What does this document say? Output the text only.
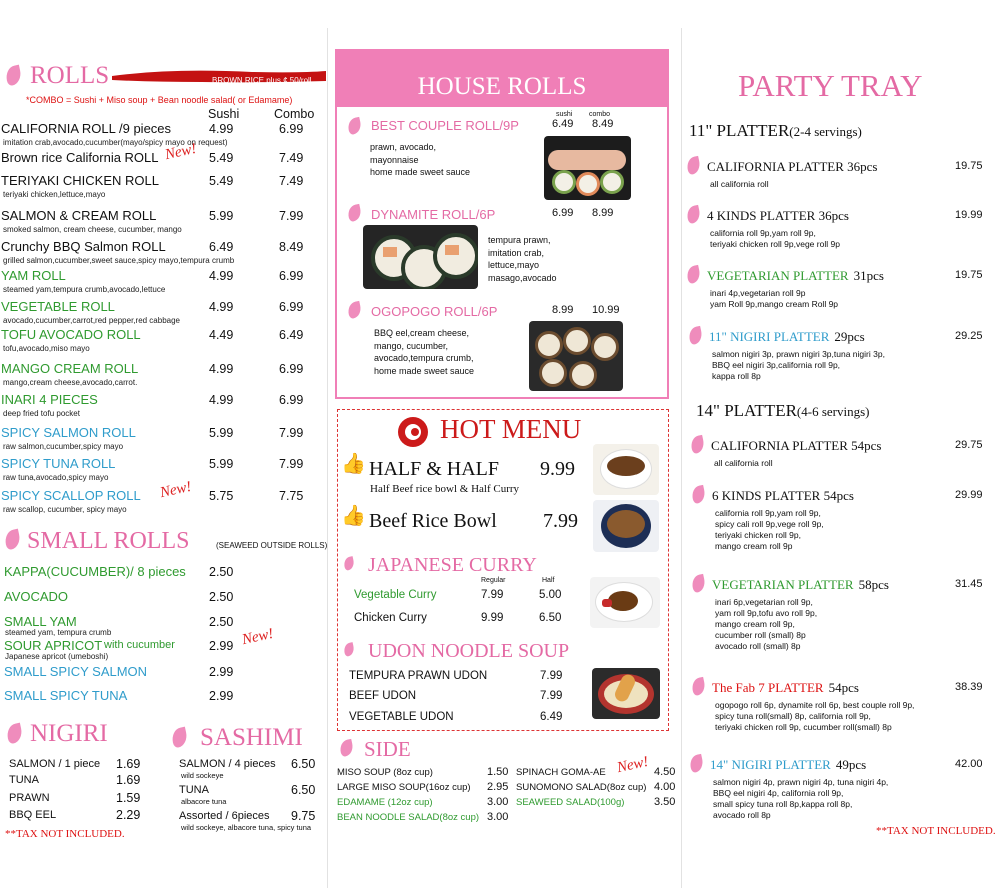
ROLLS	BROWN RICE plus ¢.50/roll
*COMBO = Sushi + Miso soup + Bean noodle salad( or Edamame)
Sushi	Combo
CALIFORNIA ROLL /9 pieces	4.99	6.99
imitation crab,avocado,cucumber(mayo/spicy mayo on request)
Brown rice California ROLL	5.49	7.49
New!
TERIYAKI CHICKEN ROLL	5.49	7.49
teriyaki chicken,lettuce,mayo
SALMON & CREAM ROLL	5.99	7.99
smoked salmon, cream cheese, cucumber, mango
Crunchy BBQ Salmon ROLL	6.49	8.49
grilled salmon,cucumber,sweet sauce,spicy mayo,tempura crumb
YAM ROLL	4.99	6.99
steamed yam,tempura crumb,avocado,lettuce
VEGETABLE ROLL	4.99	6.99
avocado,cucumber,carrot,red pepper,red cabbage
TOFU AVOCADO ROLL	4.49	6.49
tofu,avocado,miso mayo
MANGO CREAM ROLL	4.99	6.99
mango,cream cheese,avocado,carrot.
INARI 4 PIECES	4.99	6.99
deep fried tofu pocket
SPICY SALMON ROLL	5.99	7.99
raw salmon,cucumber,spicy mayo
SPICY TUNA ROLL	5.99	7.99
raw tuna,avocado,spicy mayo
SPICY SCALLOP ROLL	5.75	7.75
raw scallop, cucumber, spicy mayo
New!
SMALL ROLLS	(SEAWEED OUTSIDE ROLLS)
KAPPA(CUCUMBER)/ 8 pieces 2.50
AVOCADO	2.50
SMALL YAM	2.50
steamed yam, tempura crumb
SOUR APRICOT with cucumber	2.99
Japanese apricot (umeboshi)
New!
SMALL SPICY SALMON	2.99
SMALL SPICY TUNA	2.99
NIGIRI
SALMON / 1 piece 1.69
TUNA	1.69
PRAWN	1.59
BBQ EEL	2.29
**TAX NOT INCLUDED.
SASHIMI
SALMON / 4 pieces 6.50
wild sockeye
TUNA	6.50
albacore tuna
Assorted / 6pieces 9.75
wild sockeye, albacore tuna, spicy tuna
HOUSE ROLLS
sushi combo
BEST COUPLE ROLL/9P	6.49 8.49
prawn, avocado,
mayonnaise
home made sweet sauce
DYNAMITE ROLL/6P	6.99 8.99
tempura prawn,
imitation crab,
lettuce,mayo
masago,avocado
OGOPOGO ROLL/6P	8.99 10.99
BBQ eel,cream cheese,
mango, cucumber,
avocado,tempura crumb,
home made sweet sauce
HOT MENU
👍 HALF & HALF 9.99
Half Beef rice bowl & Half Curry
👍 Beef Rice Bowl 7.99
JAPANESE CURRY
Regular	Half
Vegetable Curry	7.99	5.00
Chicken Curry	9.99	6.50
UDON NOODLE SOUP
TEMPURA PRAWN UDON	7.99
BEEF UDON	7.99
VEGETABLE UDON	6.49
SIDE
MISO SOUP (8oz cup)	1.50
LARGE MISO SOUP(16oz cup) 2.95
EDAMAME (12oz cup)	3.00
BEAN NOODLE SALAD(8oz cup) 3.00
SPINACH GOMA-AE	4.50
New!
SUNOMONO SALAD(8oz cup) 4.00
SEAWEED SALAD(100g)	3.50
PARTY TRAY
11" PLATTER(2-4 servings)
14" PLATTER(4-6 servings)
CALIFORNIA PLATTER 36pcs	19.75
all california roll
4 KINDS PLATTER 36pcs	19.99
california roll 9p,yam roll 9p,
teriyaki chicken roll 9p,vege roll 9p
VEGETARIAN PLATTER 31pcs	19.75
inari 4p,vegetarian roll 9p
yam Roll 9p,mango cream Roll 9p
11" NIGIRI PLATTER 29pcs	29.25
salmon nigiri 3p, prawn nigiri 3p,tuna nigiri 3p,
BBQ eel nigiri 3p,california roll 9p,
kappa roll 8p
CALIFORNIA PLATTER 54pcs	29.75
all california roll
6 KINDS PLATTER 54pcs	29.99
california roll 9p,yam roll 9p,
spicy cali roll 9p,vege roll 9p,
teriyaki chicken roll 9p,
mango cream roll 9p
VEGETARIAN PLATTER 58pcs	31.45
inari 6p,vegetarian roll 9p,
yam roll 9p,tofu avo roll 9p,
mango cream roll 9p,
cucumber roll (small) 8p
avocado roll (small) 8p
The Fab 7 PLATTER 54pcs	38.39
ogopogo roll 6p, dynamite roll 6p, best couple roll 9p,
spicy tuna roll(small) 8p, california roll 9p,
teriyaki chicken roll 9p, cucumber roll(small) 8p
14" NIGIRI PLATTER 49pcs	42.00
salmon nigiri 4p, prawn nigiri 4p, tuna nigiri 4p,
BBQ eel nigiri 4p, california roll 9p,
small spicy tuna roll 8p,kappa roll 8p,
avocado roll 8p
**TAX NOT INCLUDED.
